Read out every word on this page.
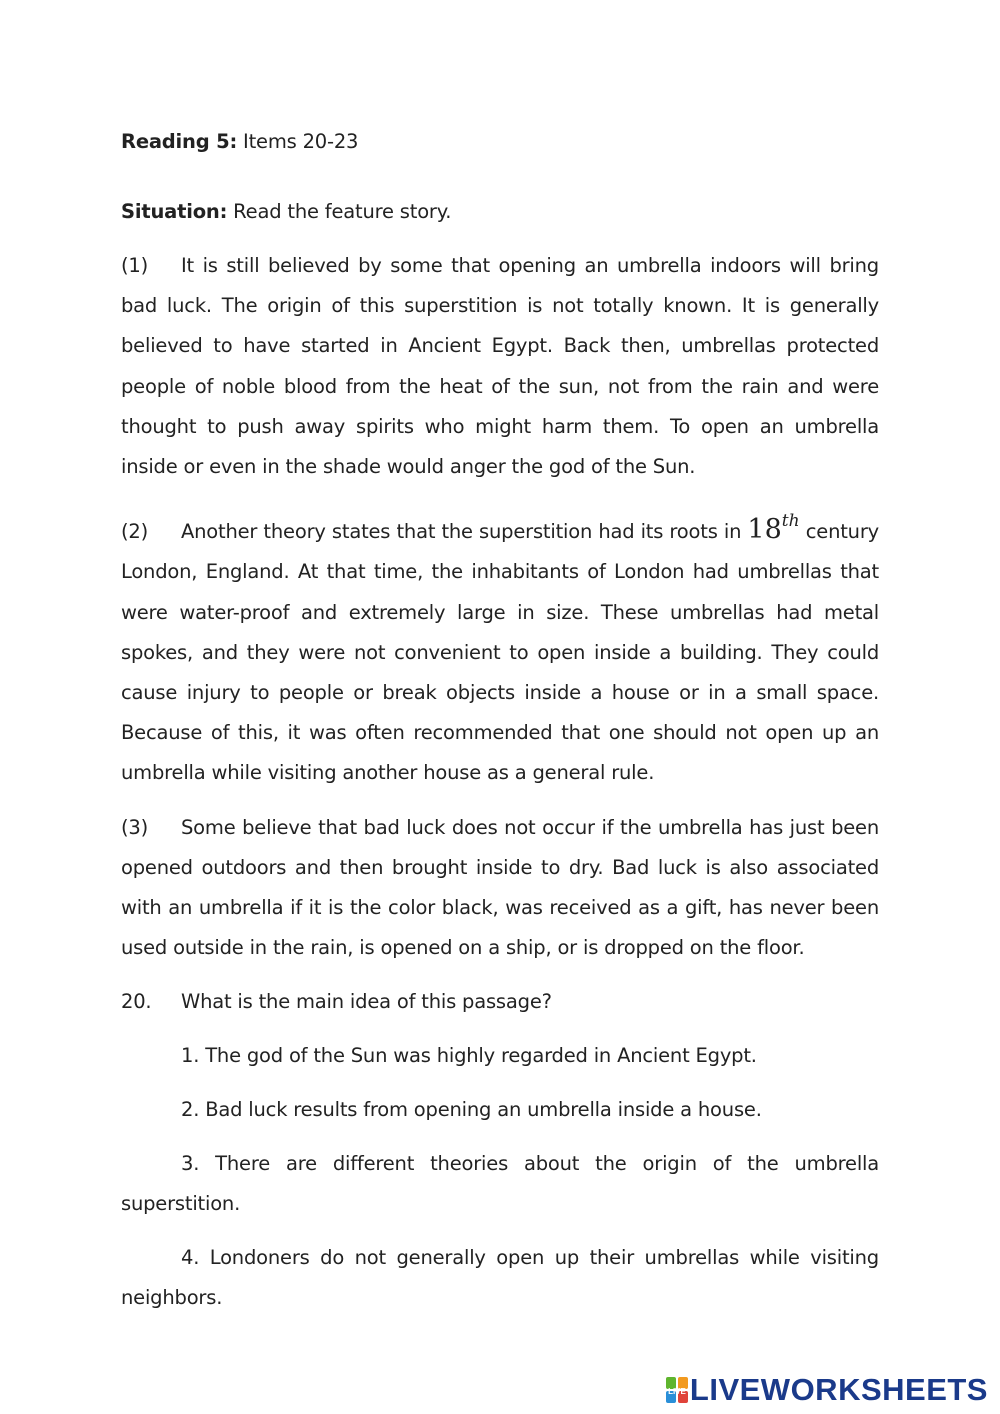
Reading 5: Items 20-23
Situation: Read the feature story.

(1) It is still believed by some that opening an umbrella indoors will bring bad luck. The origin of this superstition is not totally known. It is generally believed to have started in Ancient Egypt. Back then, umbrellas protected people of noble blood from the heat of the sun, not from the rain and were thought to push away spirits who might harm them. To open an umbrella inside or even in the shade would anger the god of the Sun.

(2) Another theory states that the superstition had its roots in 18th century London, England. At that time, the inhabitants of London had umbrellas that were water-proof and extremely large in size. These umbrellas had metal spokes, and they were not convenient to open inside a building. They could cause injury to people or break objects inside a house or in a small space. Because of this, it was often recommended that one should not open up an umbrella while visiting another house as a general rule.

(3) Some believe that bad luck does not occur if the umbrella has just been opened outdoors and then brought inside to dry. Bad luck is also associated with an umbrella if it is the color black, was received as a gift, has never been used outside in the rain, is opened on a ship, or is dropped on the floor.

20. What is the main idea of this passage?
1. The god of the Sun was highly regarded in Ancient Egypt.
2. Bad luck results from opening an umbrella inside a house.
3. There are different theories about the origin of the umbrella superstition.
4. Londoners do not generally open up their umbrellas while visiting neighbors.
LIVE LIVEWORKSHEETS
